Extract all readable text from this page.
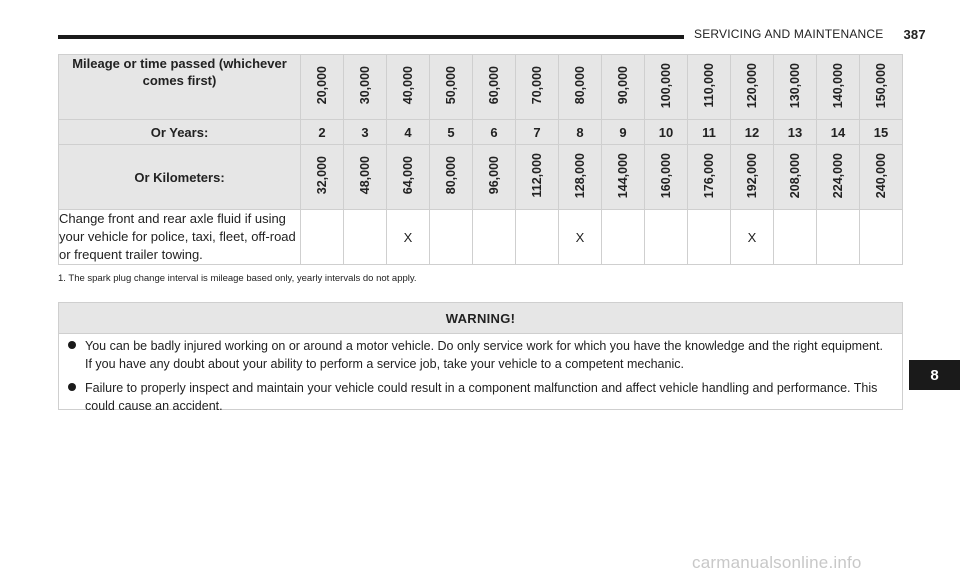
SERVICING AND MAINTENANCE 387
Mileage or time passed (whichever comes first)	20,000	30,000	40,000	50,000	60,000	70,000	80,000	90,000	100,000	110,000	120,000	130,000	140,000	150,000
Or Years:	2	3	4	5	6	7	8	9	10	11	12	13	14	15
Or Kilometers:	32,000	48,000	64,000	80,000	96,000	112,000	128,000	144,000	160,000	176,000	192,000	208,000	224,000	240,000
Change front and rear axle fluid if using your vehicle for police, taxi, fleet, off-road or frequent trailer towing.			X				X				X			
1. The spark plug change interval is mileage based only, yearly intervals do not apply.
WARNING!
You can be badly injured working on or around a motor vehicle. Do only service work for which you have the knowledge and the right equipment. If you have any doubt about your ability to perform a service job, take your vehicle to a competent mechanic.
Failure to properly inspect and maintain your vehicle could result in a component malfunction and affect vehicle handling and performance. This could cause an accident.
8
carmanualsonline.info
